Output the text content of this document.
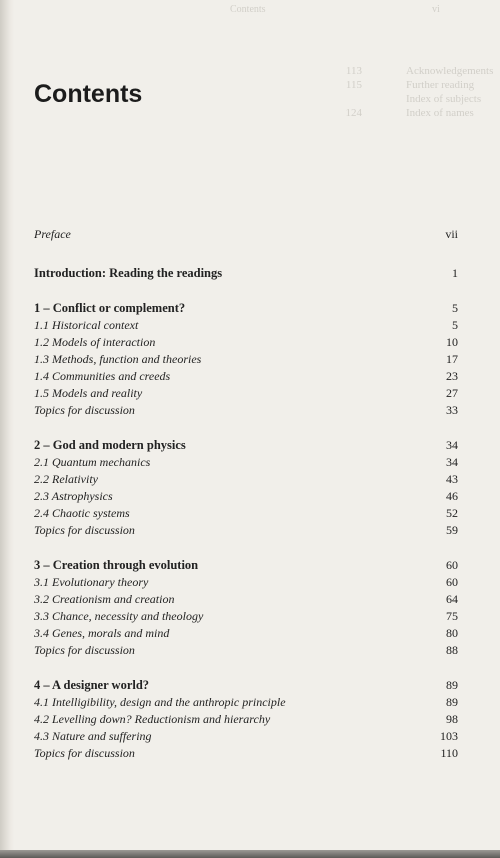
Contents	vi
113	Acknowledgements
115	Further reading
Index of subjects
124	Index of names
Contents
Preface	vii
Introduction: Reading the readings	1
1 – Conflict or complement?	5
1.1 Historical context	5
1.2 Models of interaction	10
1.3 Methods, function and theories	17
1.4 Communities and creeds	23
1.5 Models and reality	27
Topics for discussion	33
2 – God and modern physics	34
2.1 Quantum mechanics	34
2.2 Relativity	43
2.3 Astrophysics	46
2.4 Chaotic systems	52
Topics for discussion	59
3 – Creation through evolution	60
3.1 Evolutionary theory	60
3.2 Creationism and creation	64
3.3 Chance, necessity and theology	75
3.4 Genes, morals and mind	80
Topics for discussion	88
4 – A designer world?	89
4.1 Intelligibility, design and the anthropic principle	89
4.2 Levelling down? Reductionism and hierarchy	98
4.3 Nature and suffering	103
Topics for discussion	110
